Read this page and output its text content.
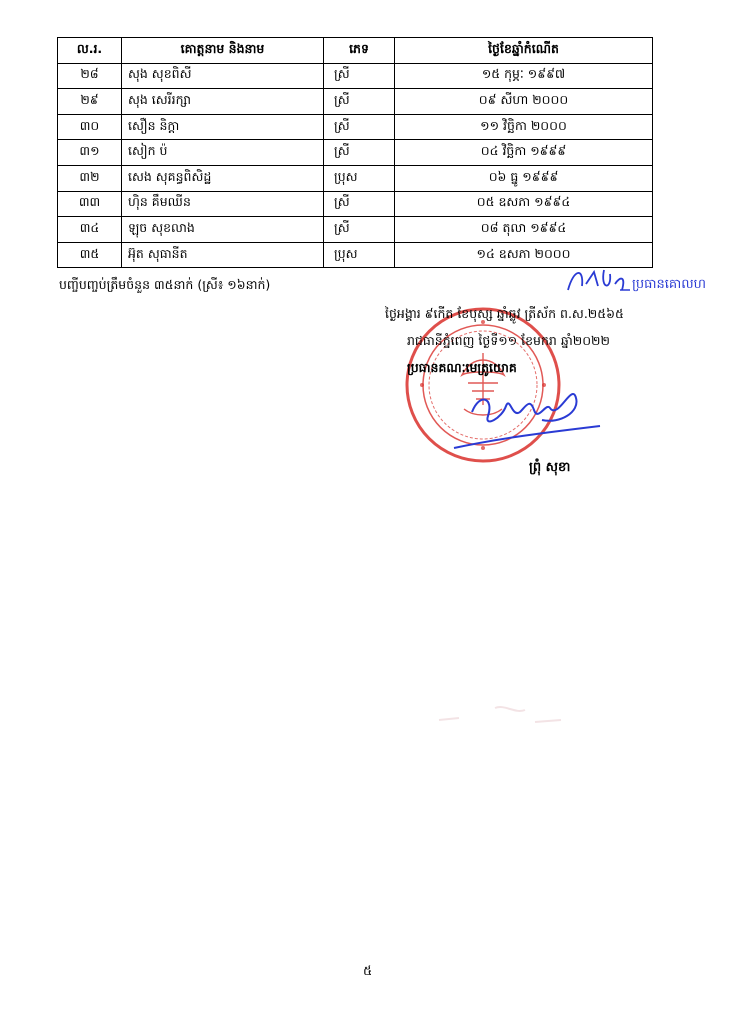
ល.រ.	គោត្តនាម និងនាម	ភេទ	ថ្ងៃខែឆ្នាំកំណើត
២៨	សុង សុខពិសី	ស្រី	១៥ កុម្ភៈ ១៩៩៧
២៩	សុង សេរីរក្សា	ស្រី	០៩ សីហា ២០០០
៣០	សឿន និក្តា	ស្រី	១១ វិច្ឆិកា ២០០០
៣១	សៀក ប៉	ស្រី	០៤ វិច្ឆិកា ១៩៩៩
៣២	សេង សុគន្ធពិសិដ្ឋ	ប្រុស	០៦ ធ្នូ ១៩៩៩
៣៣	ហ៊ិន គឹមឈីន	ស្រី	០៥ ឧសភា ១៩៩៤
៣៤	ឡុច សុខលាង	ស្រី	០៨ តុលា ១៩៩៤
៣៥	អ៊ុត សុធានីត	ប្រុស	១៤ ឧសភា ២០០០
បញ្ចីបញ្ចប់ត្រឹមចំនួន ៣៥នាក់ (ស្រី៖ ១៦នាក់)	ប្រធានគោលហ
ថ្ងៃអង្គារ ៩កើត ខែបុស្ស ឆ្នាំឆ្លូវ ត្រីស័ក ព.ស.២៥៦៥
រាជធានីភ្នំពេញ ថ្ងៃទី១១ ខែមករា ឆ្នាំ២០២២
ប្រធានគណៈមេត្រូយោគ
ព្រុំ សុខា
៥
